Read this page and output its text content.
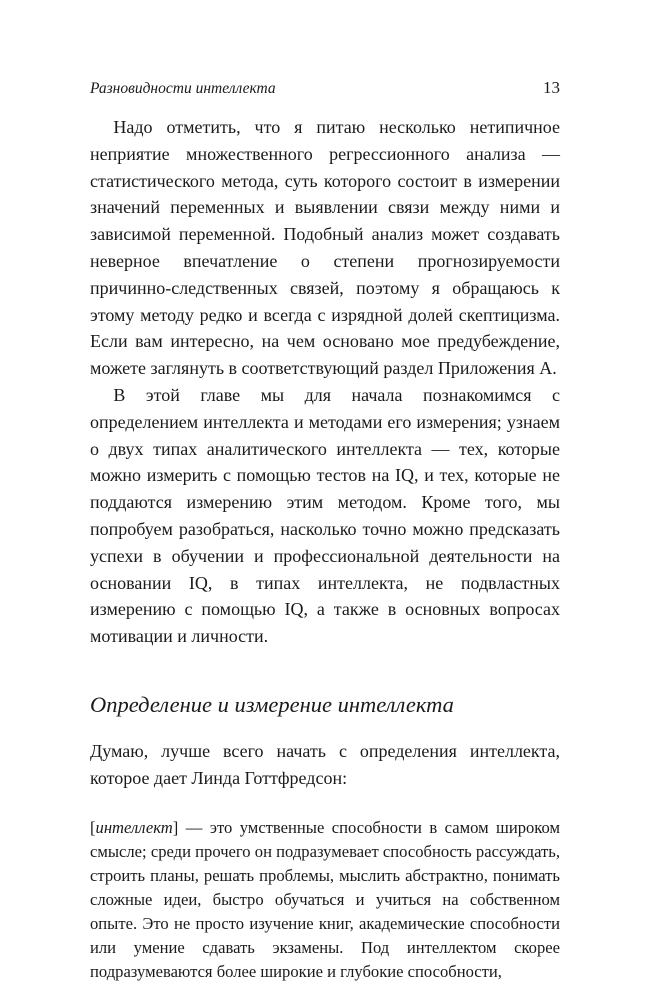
Разновидности интеллекта	13

Надо отметить, что я питаю несколько нетипичное неприятие множественного регрессионного анализа — статистического метода, суть которого состоит в измерении значений переменных и выявлении связи между ними и зависимой переменной. Подобный анализ может создавать неверное впечатление о степени прогнозируемости причинно-следственных связей, поэтому я обращаюсь к этому методу редко и всегда с изрядной долей скептицизма. Если вам интересно, на чем основано мое предубеждение, можете заглянуть в соответствующий раздел Приложения А.

В этой главе мы для начала познакомимся с определением интеллекта и методами его измерения; узнаем о двух типах аналитического интеллекта — тех, которые можно измерить с помощью тестов на IQ, и тех, которые не поддаются измерению этим методом. Кроме того, мы попробуем разобраться, насколько точно можно предсказать успехи в обучении и профессиональной деятельности на основании IQ, в типах интеллекта, не подвластных измерению с помощью IQ, а также в основных вопросах мотивации и личности.

Определение и измерение интеллекта

Думаю, лучше всего начать с определения интеллекта, которое дает Линда Готтфредсон:

[интеллект] — это умственные способности в самом широком смысле; среди прочего он подразумевает способность рассуждать, строить планы, решать проблемы, мыслить абстрактно, понимать сложные идеи, быстро обучаться и учиться на собственном опыте. Это не просто изучение книг, академические способности или умение сдавать экзамены. Под интеллектом скорее подразумеваются более широкие и глубокие способности,
